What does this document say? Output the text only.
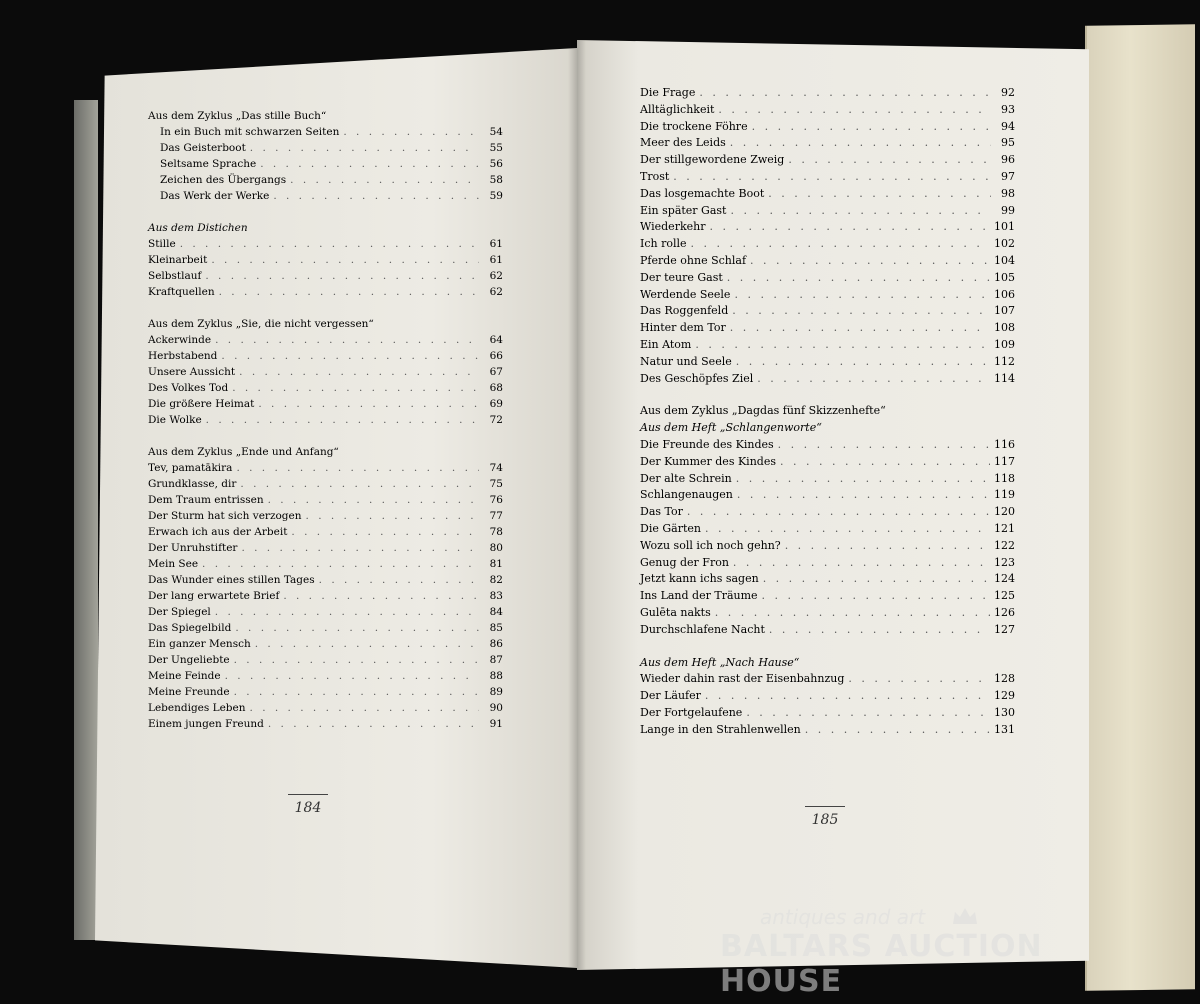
Aus dem Zyklus „Das stille Buch“
In ein Buch mit schwarzen Seiten . . .	54
Das Geisterboot . . .	55
Seltsame Sprache . . .	56
Zeichen des Übergangs . . .	58
Das Werk der Werke . . .	59
Aus dem Distichen
Stille . . .	61
Kleinarbeit . . .	61
Selbstlauf . . .	62
Kraftquellen . . .	62
Aus dem Zyklus „Sie, die nicht vergessen“
Ackerwinde . . .	64
Herbstabend . . .	66
Unsere Aussicht . . .	67
Des Volkes Tod . . .	68
Die größere Heimat . . .	69
Die Wolke . . .	72
Aus dem Zyklus „Ende und Anfang“
Tev, pamatākira . . .	74
Grundklasse, dir . . .	75
Dem Traum entrissen . . .	76
Der Sturm hat sich verzogen . . .	77
Erwach ich aus der Arbeit . . .	78
Der Unruhstifter . . .	80
Mein See . . .	81
Das Wunder eines stillen Tages . . .	82
Der lang erwartete Brief . . .	83
Der Spiegel . . .	84
Das Spiegelbild . . .	85
Ein ganzer Mensch . . .	86
Der Ungeliebte . . .	87
Meine Feinde . . .	88
Meine Freunde . . .	89
Lebendiges Leben . . .	90
Einem jungen Freund . . .	91
Die Frage . . .	92
Alltäglichkeit . . .	93
Die trockene Föhre . . .	94
Meer des Leids . . .	95
Der stillgewordene Zweig . . .	96
Trost . . .	97
Das losgemachte Boot . . .	98
Ein später Gast . . .	99
Wiederkehr . . .	101
Ich rolle . . .	102
Pferde ohne Schlaf . . .	104
Der teure Gast . . .	105
Werdende Seele . . .	106
Das Roggenfeld . . .	107
Hinter dem Tor . . .	108
Ein Atom . . .	109
Natur und Seele . . .	112
Des Geschöpfes Ziel . . .	114
Aus dem Zyklus „Dagdas fünf Skizzenhefte“
Aus dem Heft „Schlangenworte“
Die Freunde des Kindes . . .	116
Der Kummer des Kindes . . .	117
Der alte Schrein . . .	118
Schlangenaugen . . .	119
Das Tor . . .	120
Die Gärten . . .	121
Wozu soll ich noch gehn? . . .	122
Genug der Fron . . .	123
Jetzt kann ichs sagen . . .	124
Ins Land der Träume . . .	125
Gulēta nakts . . .	126
Durchschlafene Nacht . . .	127
Aus dem Heft „Nach Hause“
Wieder dahin rast der Eisenbahnzug . . .	128
Der Läufer . . .	129
Der Fortgelaufene . . .	130
Lange in den Strahlenwellen . . .	131
184
185
antiques and art
BALTARS AUCTION HOUSE
